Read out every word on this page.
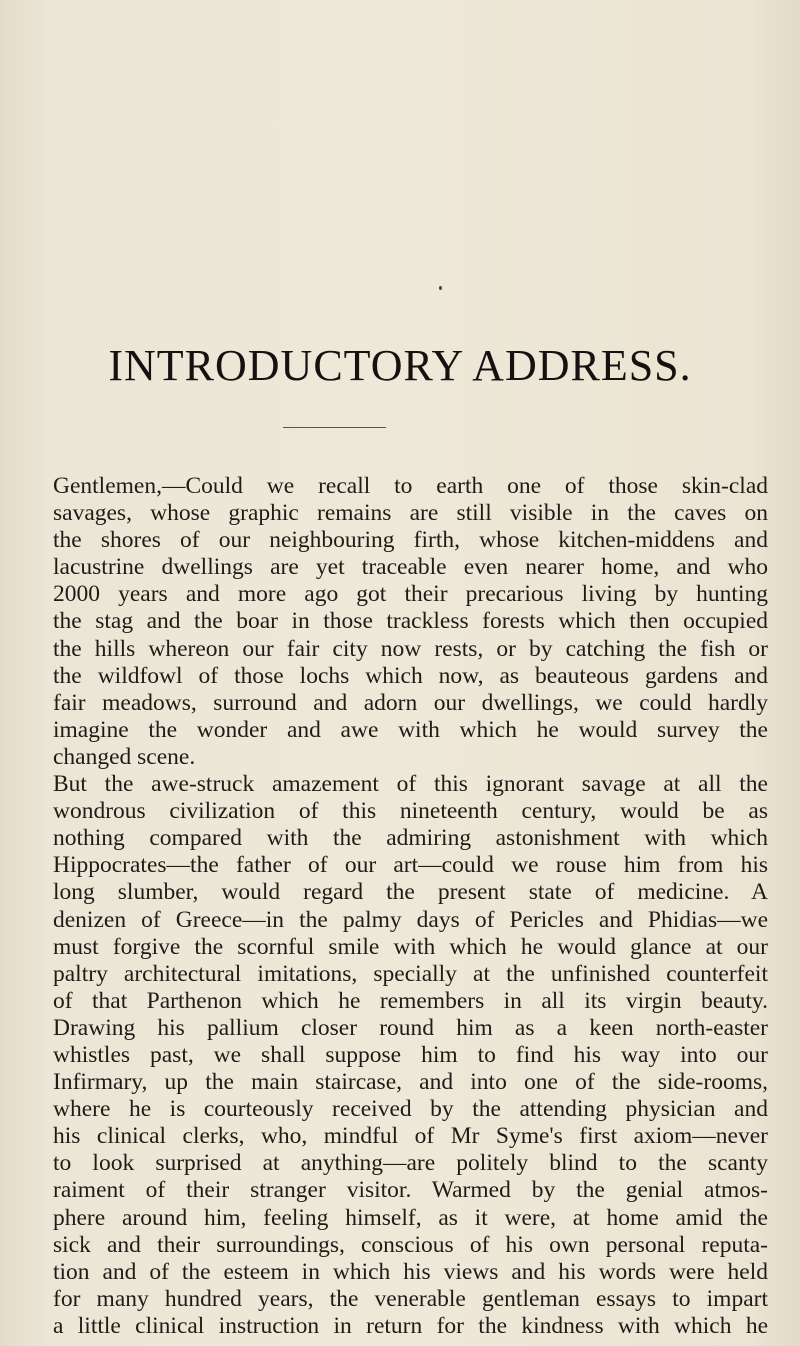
INTRODUCTORY ADDRESS.
Gentlemen,—Could we recall to earth one of those skin-clad
savages, whose graphic remains are still visible in the caves on
the shores of our neighbouring firth, whose kitchen-middens and
lacustrine dwellings are yet traceable even nearer home, and who
2000 years and more ago got their precarious living by hunting
the stag and the boar in those trackless forests which then occupied
the hills whereon our fair city now rests, or by catching the fish or
the wildfowl of those lochs which now, as beauteous gardens and
fair meadows, surround and adorn our dwellings, we could hardly
imagine the wonder and awe with which he would survey the
changed scene.
But the awe-struck amazement of this ignorant savage at all the
wondrous civilization of this nineteenth century, would be as
nothing compared with the admiring astonishment with which
Hippocrates—the father of our art—could we rouse him from his
long slumber, would regard the present state of medicine. A
denizen of Greece—in the palmy days of Pericles and Phidias—we
must forgive the scornful smile with which he would glance at our
paltry architectural imitations, specially at the unfinished counterfeit
of that Parthenon which he remembers in all its virgin beauty.
Drawing his pallium closer round him as a keen north-easter
whistles past, we shall suppose him to find his way into our
Infirmary, up the main staircase, and into one of the side-rooms,
where he is courteously received by the attending physician and
his clinical clerks, who, mindful of Mr Syme's first axiom—never
to look surprised at anything—are politely blind to the scanty
raiment of their stranger visitor. Warmed by the genial atmos-
phere around him, feeling himself, as it were, at home amid the
sick and their surroundings, conscious of his own personal reputa-
tion and of the esteem in which his views and his words were held
for many hundred years, the venerable gentleman essays to impart
a little clinical instruction in return for the kindness with which he
